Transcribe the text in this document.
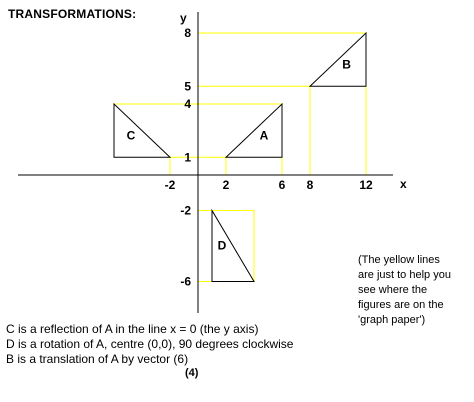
TRANSFORMATIONS:
x
y
-2	2	6 8	12
8
5
4
1
-2
-6
A
B
C
D
(The yellow lines
are just to help you
see where the
figures are on the
'graph paper')
C is a reflection of A in the line x = 0 (the y axis)
D is a rotation of A, centre (0,0), 90 degrees clockwise
B is a translation of A by vector (6)
(4)
